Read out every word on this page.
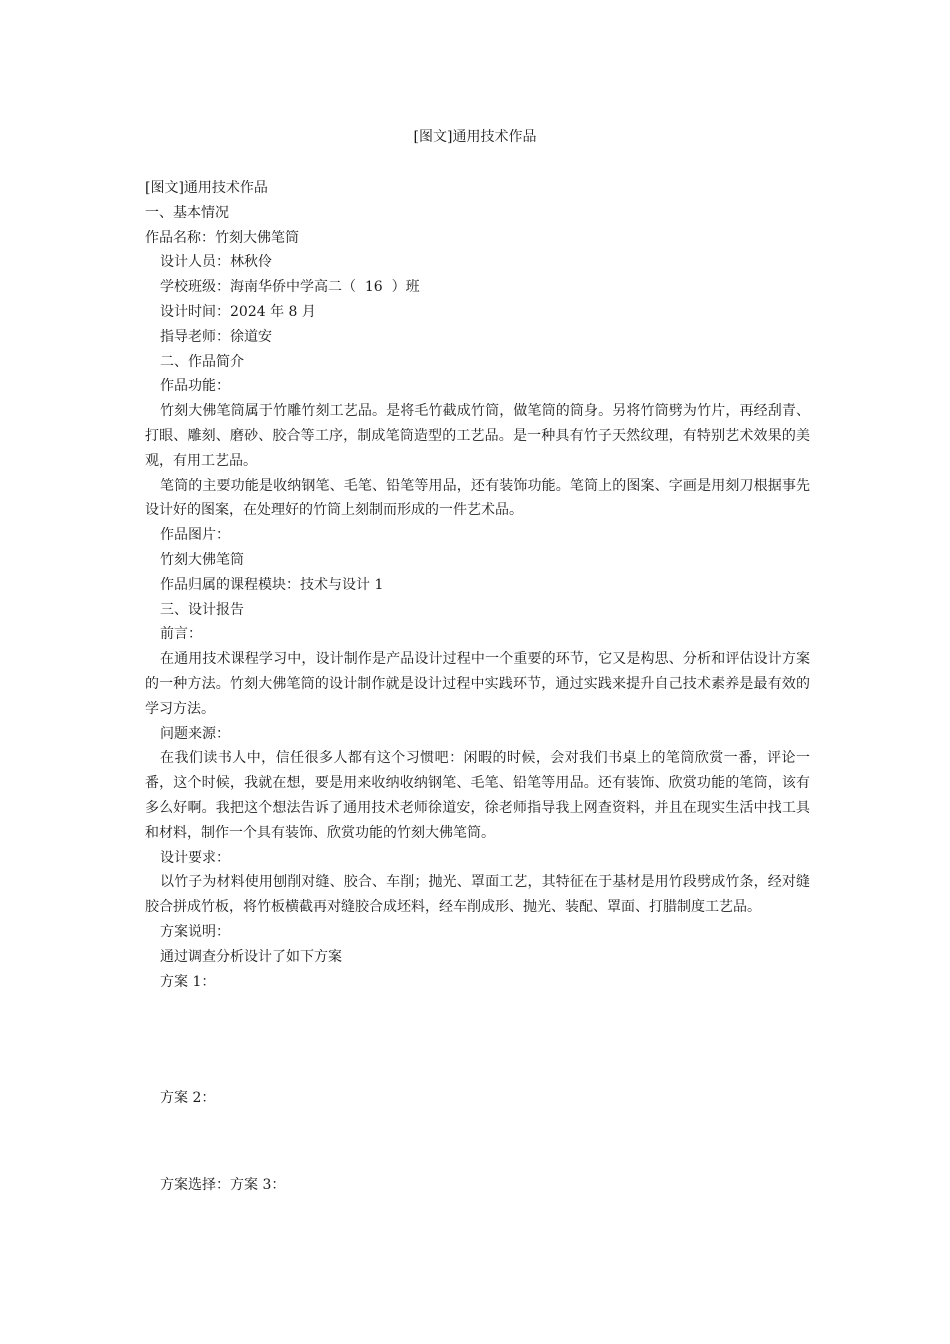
[图文]通用技术作品
[图文]通用技术作品
一、基本情况
作品名称：竹刻大佛笔筒
设计人员：林秋伶
学校班级：海南华侨中学高二（  16  ）班
设计时间：2024 年 8 月
指导老师：徐道安
二、作品简介
作品功能：

竹刻大佛笔筒属于竹雕竹刻工艺品。是将毛竹截成竹筒，做笔筒的筒身。另将竹筒劈为竹片，再经刮青、打眼、雕刻、磨砂、胶合等工序，制成笔筒造型的工艺品。是一种具有竹子天然纹理，有特别艺术效果的美观，有用工艺品。

笔筒的主要功能是收纳钢笔、毛笔、铅笔等用品，还有装饰功能。笔筒上的图案、字画是用刻刀根据事先设计好的图案，在处理好的竹筒上刻制而形成的一件艺术品。

作品图片：
竹刻大佛笔筒
作品归属的课程模块：技术与设计 1
三、设计报告
前言：

在通用技术课程学习中，设计制作是产品设计过程中一个重要的环节，它又是构思、分析和评估设计方案的一种方法。竹刻大佛笔筒的设计制作就是设计过程中实践环节，通过实践来提升自己技术素养是最有效的学习方法。

问题来源：

在我们读书人中，信任很多人都有这个习惯吧：闲暇的时候，会对我们书桌上的笔筒欣赏一番，评论一番，这个时候，我就在想，要是用来收纳收纳钢笔、毛笔、铅笔等用品。还有装饰、欣赏功能的笔筒，该有多么好啊。我把这个想法告诉了通用技术老师徐道安，徐老师指导我上网查资料，并且在现实生活中找工具和材料，制作一个具有装饰、欣赏功能的竹刻大佛笔筒。

设计要求：

以竹子为材料使用刨削对缝、胶合、车削；抛光、罩面工艺，其特征在于基材是用竹段劈成竹条，经对缝胶合拼成竹板，将竹板横截再对缝胶合成坯料，经车削成形、抛光、装配、罩面、打腊制度工艺品。

方案说明：
通过调查分析设计了如下方案
方案 1：
方案 2：
方案选择：方案 3：
